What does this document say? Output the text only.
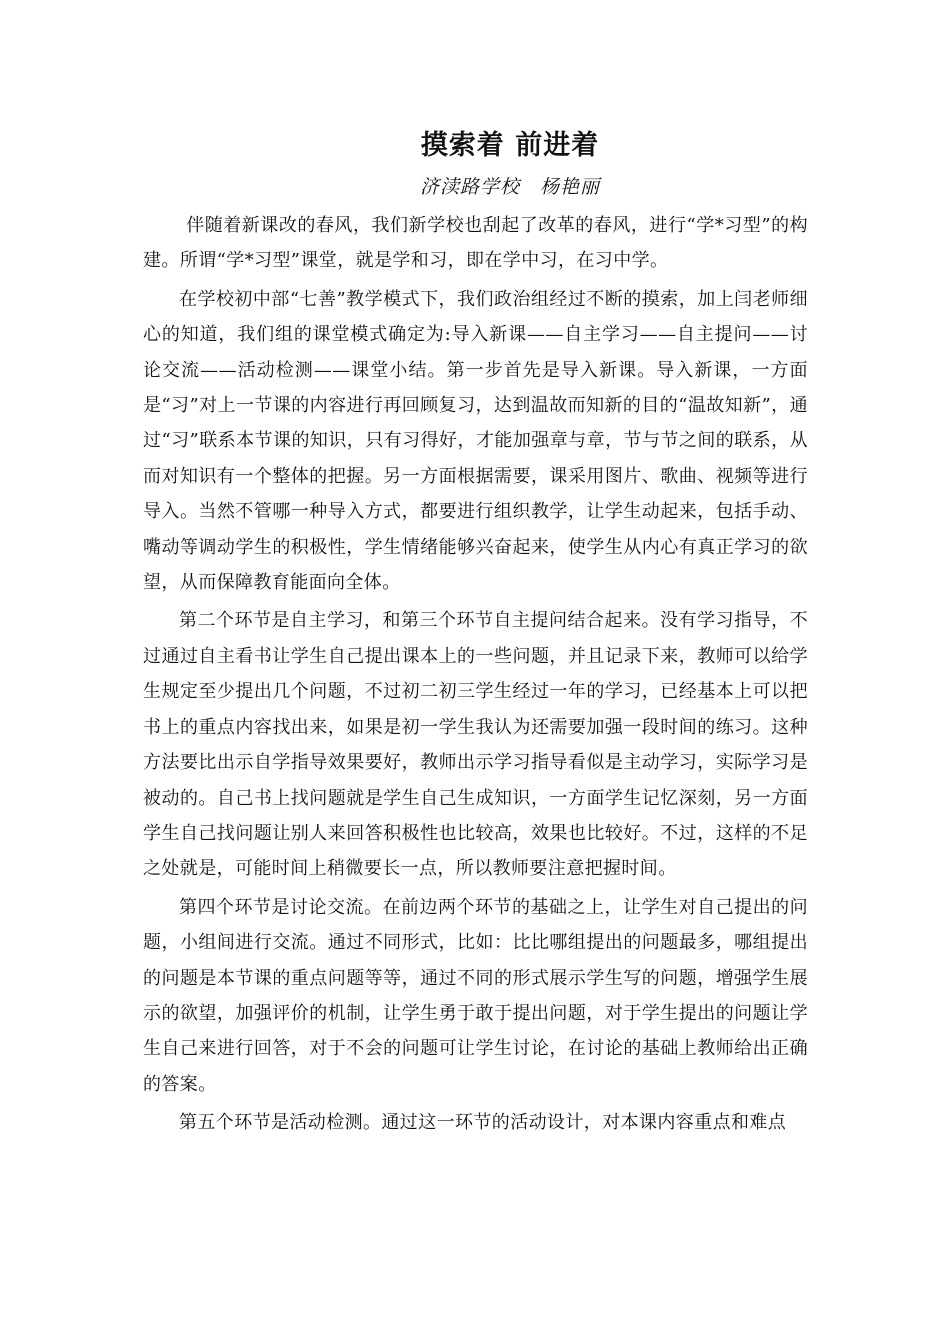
摸索着 前进着
济渎路学校　杨艳丽

伴随着新课改的春风，我们新学校也刮起了改革的春风，进行“学*习型”的构建。所谓“学*习型”课堂，就是学和习，即在学中习，在习中学。

在学校初中部“七善”教学模式下，我们政治组经过不断的摸索，加上闫老师细心的知道，我们组的课堂模式确定为:导入新课——自主学习——自主提问——讨论交流——活动检测——课堂小结。第一步首先是导入新课。导入新课，一方面是“习”对上一节课的内容进行再回顾复习，达到温故而知新的目的“温故知新”，通过“习”联系本节课的知识，只有习得好，才能加强章与章，节与节之间的联系，从而对知识有一个整体的把握。另一方面根据需要，课采用图片、歌曲、视频等进行导入。当然不管哪一种导入方式，都要进行组织教学，让学生动起来，包括手动、嘴动等调动学生的积极性，学生情绪能够兴奋起来，使学生从内心有真正学习的欲望，从而保障教育能面向全体。

第二个环节是自主学习，和第三个环节自主提问结合起来。没有学习指导，不过通过自主看书让学生自己提出课本上的一些问题，并且记录下来，教师可以给学生规定至少提出几个问题，不过初二初三学生经过一年的学习，已经基本上可以把书上的重点内容找出来，如果是初一学生我认为还需要加强一段时间的练习。这种方法要比出示自学指导效果要好，教师出示学习指导看似是主动学习，实际学习是被动的。自己书上找问题就是学生自己生成知识，一方面学生记忆深刻，另一方面学生自己找问题让别人来回答积极性也比较高，效果也比较好。不过，这样的不足之处就是，可能时间上稍微要长一点，所以教师要注意把握时间。

第四个环节是讨论交流。在前边两个环节的基础之上，让学生对自己提出的问题，小组间进行交流。通过不同形式，比如：比比哪组提出的问题最多，哪组提出的问题是本节课的重点问题等等，通过不同的形式展示学生写的问题，增强学生展示的欲望，加强评价的机制，让学生勇于敢于提出问题，对于学生提出的问题让学生自己来进行回答，对于不会的问题可让学生讨论，在讨论的基础上教师给出正确的答案。

第五个环节是活动检测。通过这一环节的活动设计，对本课内容重点和难点
